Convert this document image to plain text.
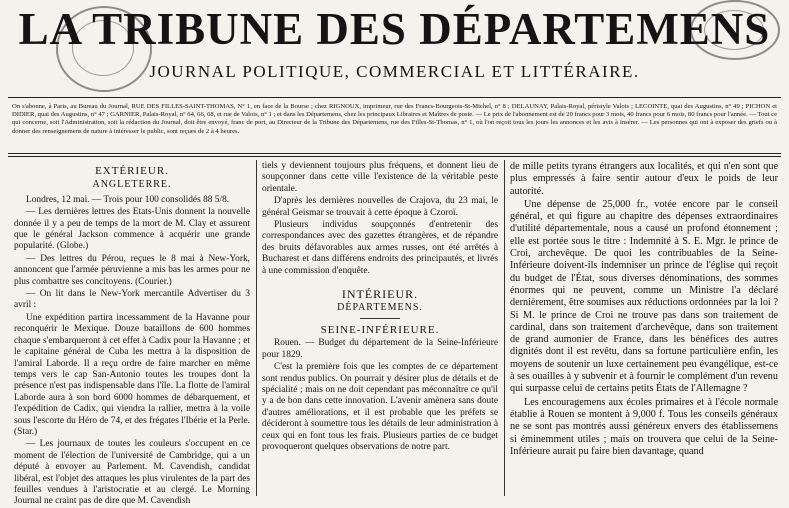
LA TRIBUNE DES DÉPARTEMENS
JOURNAL POLITIQUE, COMMERCIAL ET LITTÉRAIRE.
On s'abonne, à Paris, au Bureau du Journal, RUE DES FILLES-SAINT-THOMAS, N° 1, en face de la Bourse ; chez RIGNOUX, imprimeur, rue des Francs-Bourgeois-St-Michel, n° 8 ; DELAUNAY, Palais-Royal, péristyle Valois ; LECOINTE, quai des Augustins, n° 49 ; PICHON et DIDIER, quai des Augustins, n° 47 ; GARNIER, Palais-Royal, n° 64, 66, 68, et rue de Valois, n° 1 ; et dans les Départemens, chez les principaux Libraires et Maîtres de poste. — Le prix de l'abonnement est de 20 francs pour 3 mois, 40 francs pour 6 mois, 80 francs pour l'année. — Tout ce qui concerne, soit l'Administration, soit la rédaction du Journal, doit être envoyé, franc de port, au Directeur de la Tribune des Départemens, rue des Filles-St-Thomas, n° 1, où l'on reçoit tous les jours les annonces et les avis à insérer. — Les personnes qui ont à exposer des griefs ou à donner des renseignemens de nature à intéresser le public, sont reçues de 2 à 4 heures.
EXTÉRIEUR.
ANGLETERRE.

Londres, 12 mai. — Trois pour 100 consolidés 88 5/8.

— Les dernières lettres des Etats-Unis donnent la nouvelle donnée il y a peu de temps de la mort de M. Clay et assurent que le général Jackson commence à acquérir une grande popularité. (Globe.)

— Des lettres du Pérou, reçues le 8 mai à New-York, annoncent que l'armée péruvienne a mis bas les armes pour ne plus combattre ses concitoyens. (Courier.)

— On lit dans le New-York mercantile Advertiser du 3 avril :

Une expédition partira incessamment de la Havanne pour reconquérir le Mexique. Douze bataillons de 600 hommes chaque s'embarqueront à cet effet à Cadix pour la Havanne ; et le capitaine général de Cuba les mettra à la disposition de l'amiral Laborde. Il a reçu ordre de faire marcher en même temps vers le cap San-Antonio toutes les troupes dont la présence n'est pas indispensable dans l'île. La flotte de l'amiral Laborde aura à son bord 6000 hommes de débarquement, et l'expédition de Cadix, qui viendra la rallier, mettra à la voile sous l'escorte du Héro de 74, et des frégates l'Ibérie et la Perle. (Star.)

— Les journaux de toutes les couleurs s'occupent en ce moment de l'élection de l'université de Cambridge, qui a un député à envoyer au Parlement. M. Cavendish, candidat libéral, est l'objet des attaques les plus virulentes de la part des feuilles vendues à l'aristocratie et au clergé. Le Morning Journal ne craint pas de dire que M. Cavendish

tiels y deviennent toujours plus fréquens, et donnent lieu de soupçonner dans cette ville l'existence de la véritable peste orientale.

D'après les dernières nouvelles de Crajova, du 23 mai, le général Geismar se trouvait à cette époque à Czoroï.

Plusieurs individus soupçonnés d'entretenir des correspondances avec des gazettes étrangères, et de répandre des bruits défavorables aux armes russes, ont été arrêtés à Bucharest et dans différens endroits des principautés, et livrés à une commission d'enquête.

INTÉRIEUR.
DÉPARTEMENS.
SEINE-INFÉRIEURE.

Rouen. — Budget du département de la Seine-Inférieure pour 1829.

C'est la première fois que les comptes de ce département sont rendus publics. On pourrait y désirer plus de détails et de spécialité ; mais on ne doit cependant pas méconnaître ce qu'il y a de bon dans cette innovation. L'avenir amènera sans doute d'autres améliorations, et il est probable que les préfets se décideront à soumettre tous les détails de leur administration à ceux qui en font tous les frais. Plusieurs parties de ce budget provoqueront quelques observations de notre part.

de mille petits tyrans étrangers aux localités, et qui n'en sont que plus empressés à faire sentir autour d'eux le poids de leur autorité.

Une dépense de 25,000 fr., votée encore par le conseil général, et qui figure au chapitre des dépenses extraordinaires d'utilité départementale, nous a causé un profond étonnement ; elle est portée sous le titre : Indemnité à S. E. Mgr. le prince de Croi, archevêque. De quoi les contribuables de la Seine-Inférieure doivent-ils indemniser un prince de l'église qui reçoit du budget de l'État, sous diverses dénominations, des sommes énormes qui ne peuvent, comme un Ministre l'a déclaré dernièrement, être soumises aux réductions ordonnées par la loi ? Si M. le prince de Croi ne trouve pas dans son traitement de cardinal, dans son traitement d'archevêque, dans son traitement de grand aumonier de France, dans les bénéfices des autres dignités dont il est revêtu, dans sa fortune particulière enfin, les moyens de soutenir un luxe certainement peu évangélique, est-ce à ses ouailles à y subvenir et à fournir le complément d'un revenu qui surpasse celui de certains petits États de l'Allemagne ?

Les encouragemens aux écoles primaires et à l'école normale établie à Rouen se montent à 9,000 f. Tous les conseils généraux ne se sont pas montrés aussi généreux envers des établissemens si éminemment utiles ; mais on trouvera que celui de la Seine-Inférieure aurait pu faire bien davantage, quand
